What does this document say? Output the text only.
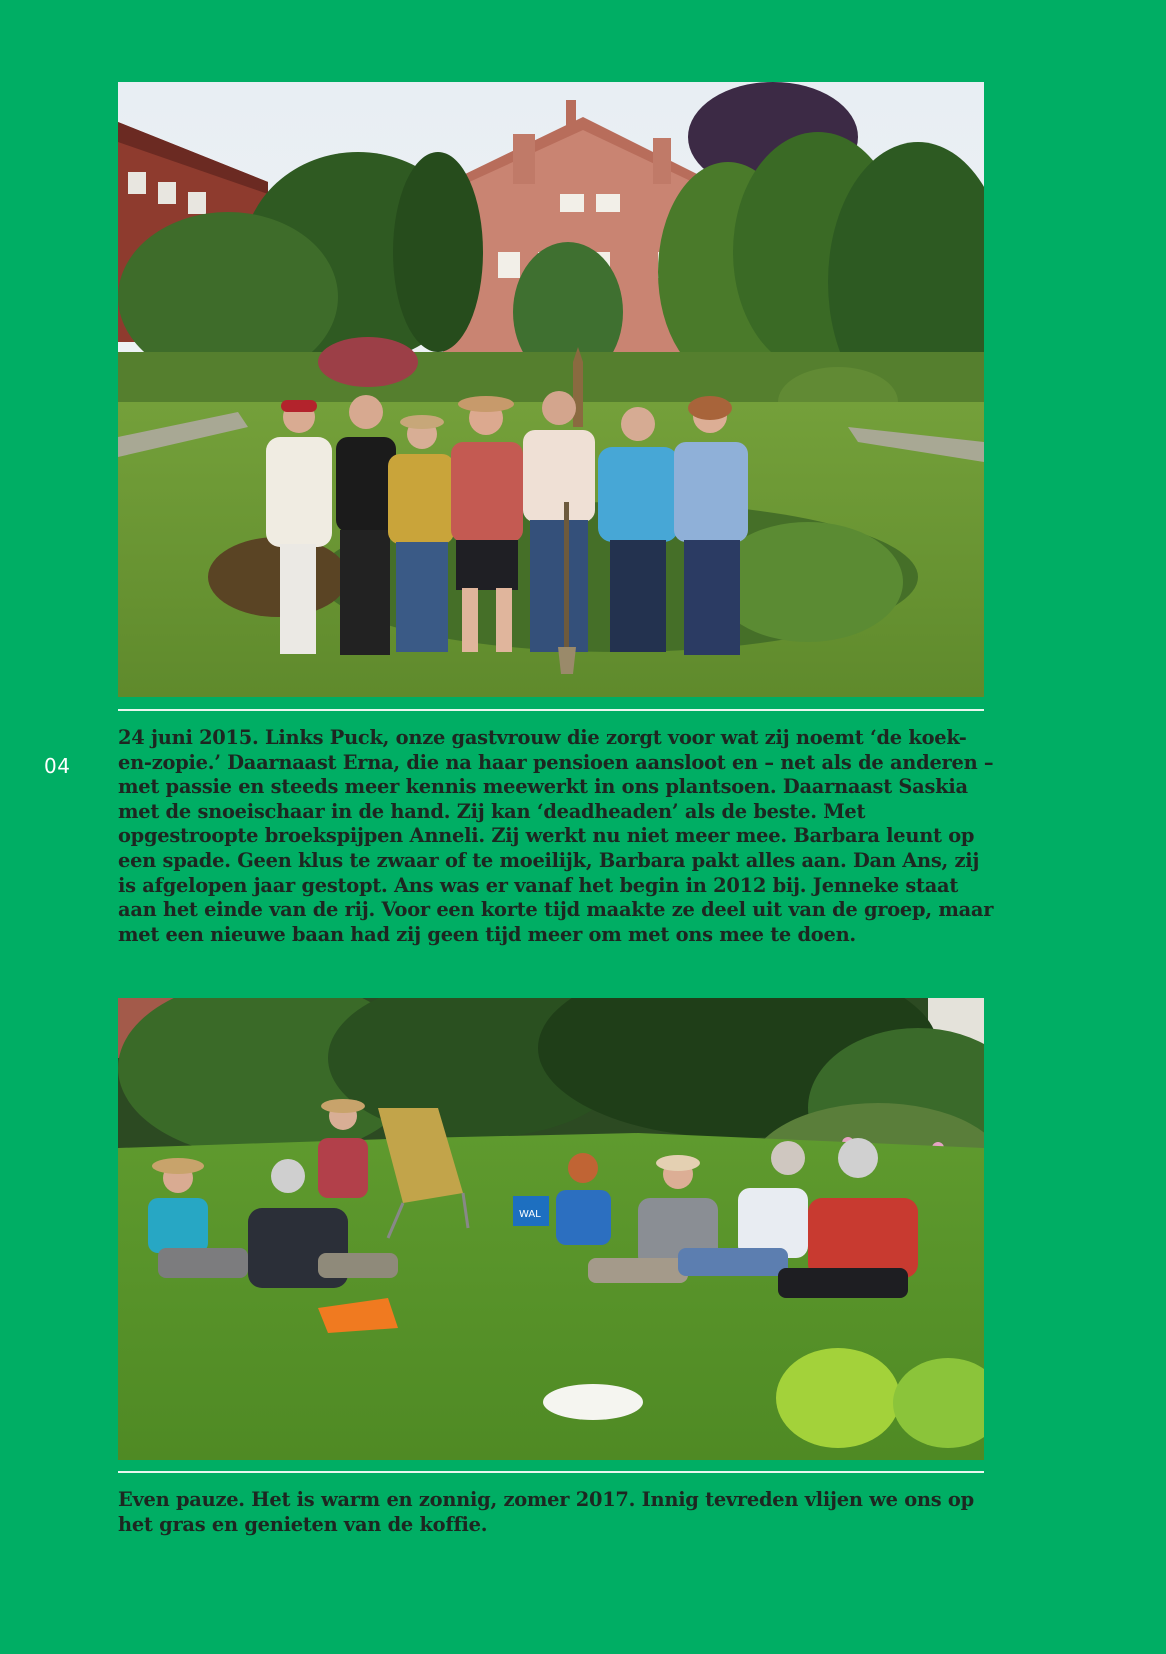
24 juni 2015. Links Puck, onze gastvrouw die zorgt voor wat zij noemt ‘de koek-en-zopie.’ Daarnaast Erna, die na haar pensioen aansloot en – net als de anderen – met passie en steeds meer kennis meewerkt in ons plantsoen. Daarnaast Saskia met de snoeischaar in de hand. Zij kan ‘deadheaden’ als de beste. Met opgestroopte broekspijpen Anneli. Zij werkt nu niet meer mee. Barbara leunt op een spade. Geen klus te zwaar of te moeilijk, Barbara pakt alles aan. Dan Ans, zij is afgelopen jaar gestopt. Ans was er vanaf het begin in 2012 bij. Jenneke staat aan het einde van de rij. Voor een korte tijd maakte ze deel uit van de groep, maar met een nieuwe baan had zij geen tijd meer om met ons mee te doen.

04
WAL

Even pauze. Het is warm en zonnig, zomer 2017. Innig tevreden vlijen we ons op het gras en genieten van de koffie.
